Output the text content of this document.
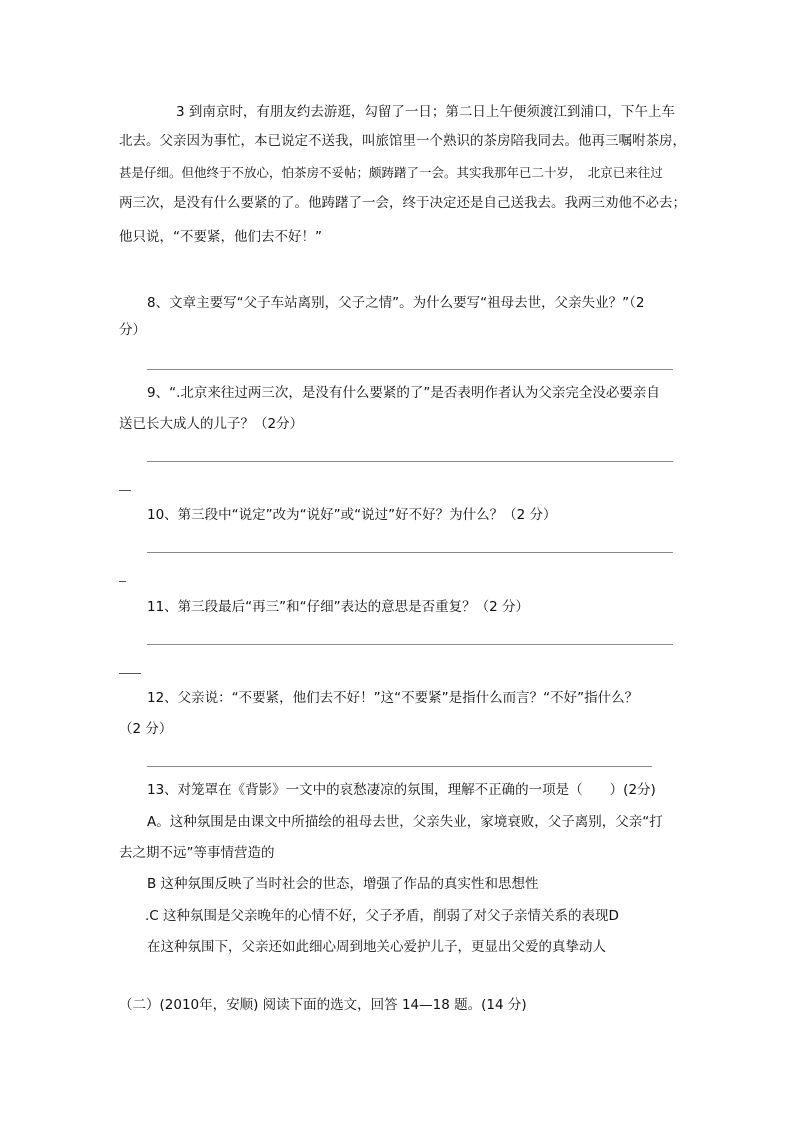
3 到南京时，有朋友约去游逛，勾留了一日；第二日上午便须渡江到浦口，下午上车
北去。父亲因为事忙，本已说定不送我，叫旅馆里一个熟识的茶房陪我同去。他再三嘱咐茶房，
甚是仔细。但他终于不放心，怕茶房不妥帖；颇踌躇了一会。其实我那年已二十岁，　北京已来往过
两三次，是没有什么要紧的了。他踌躇了一会，终于决定还是自己送我去。我两三劝他不必去；
他只说，“不要紧，他们去不好！”
8、文章主要写“父子车站离别，父子之情”。为什么要写“祖母去世，父亲失业？”（2
分）
9、“.北京来往过两三次，是没有什么要紧的了”是否表明作者认为父亲完全没必要亲自
送已长大成人的儿子？（2分）
10、第三段中“说定”改为“说好”或“说过”好不好？为什么？（2 分）
11、第三段最后“再三”和“仔细”表达的意思是否重复？（2 分）
12、父亲说：“不要紧，他们去不好！”这“不要紧”是指什么而言？“不好”指什么？
（2 分）
13、对笼罩在《背影》一文中的哀愁凄凉的氛围，理解不正确的一项是（　　）(2分)
A。这种氛围是由课文中所描绘的祖母去世，父亲失业，家境衰败，父子离别，父亲“打
去之期不远”等事情营造的
B 这种氛围反映了当时社会的世态，增强了作品的真实性和思想性
.C 这种氛围是父亲晚年的心情不好，父子矛盾，削弱了对父子亲情关系的表现D
在这种氛围下，父亲还如此细心周到地关心爱护儿子，更显出父爱的真挚动人
（二）(2010年，安顺) 阅读下面的选文，回答 14—18 题。(14 分)
